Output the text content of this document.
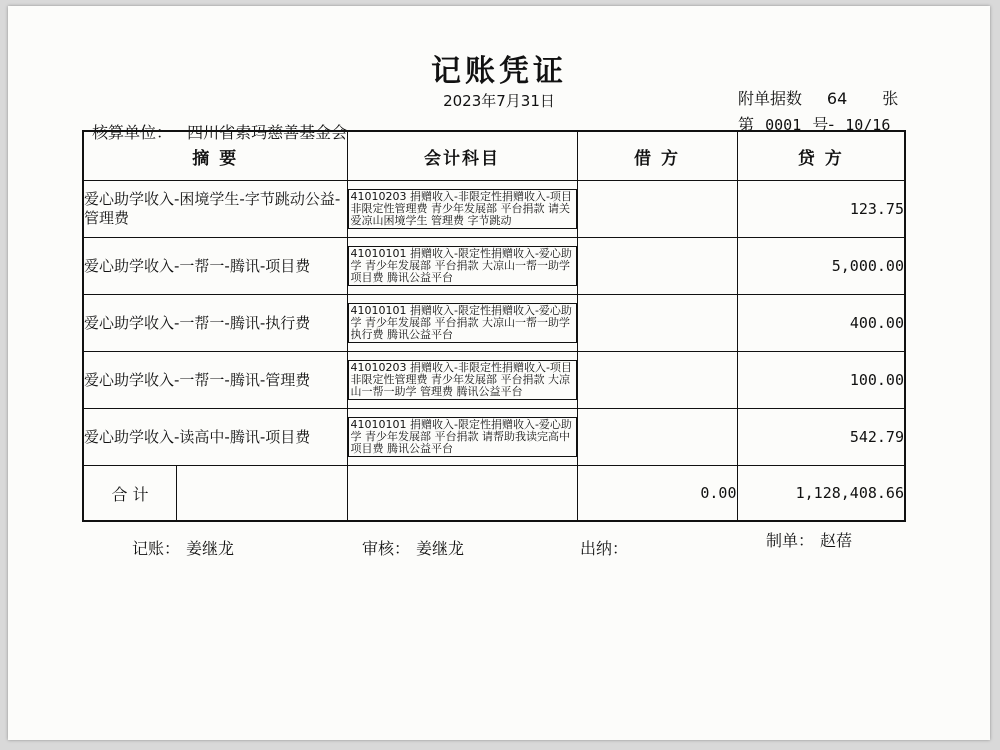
记账凭证
2023年7月31日	附单据数 64 张
第 0001 号- 10/16
核算单位： 四川省索玛慈善基金会
摘 要	会计科目	借 方	贷 方

爱心助学收入-困境学生-字节跳动公益-管理费	41010203 捐赠收入-非限定性捐赠收入-项目非限定性管理费 青少年发展部 平台捐款 请关爱凉山困境学生 管理费 字节跳动		123.75
爱心助学收入-一帮一-腾讯-项目费	41010101 捐赠收入-限定性捐赠收入-爱心助学 青少年发展部 平台捐款 大凉山一帮一助学 项目费 腾讯公益平台		5,000.00
爱心助学收入-一帮一-腾讯-执行费	41010101 捐赠收入-限定性捐赠收入-爱心助学 青少年发展部 平台捐款 大凉山一帮一助学 执行费 腾讯公益平台		400.00
爱心助学收入-一帮一-腾讯-管理费	41010203 捐赠收入-非限定性捐赠收入-项目非限定性管理费 青少年发展部 平台捐款 大凉山一帮一助学 管理费 腾讯公益平台		100.00
爱心助学收入-读高中-腾讯-项目费	41010101 捐赠收入-限定性捐赠收入-爱心助学 青少年发展部 平台捐款 请帮助我读完高中 项目费 腾讯公益平台		542.79

合 计		0.00	1,128,408.66
记账： 姜继龙	审核： 姜继龙	出纳：	制单： 赵蓓
